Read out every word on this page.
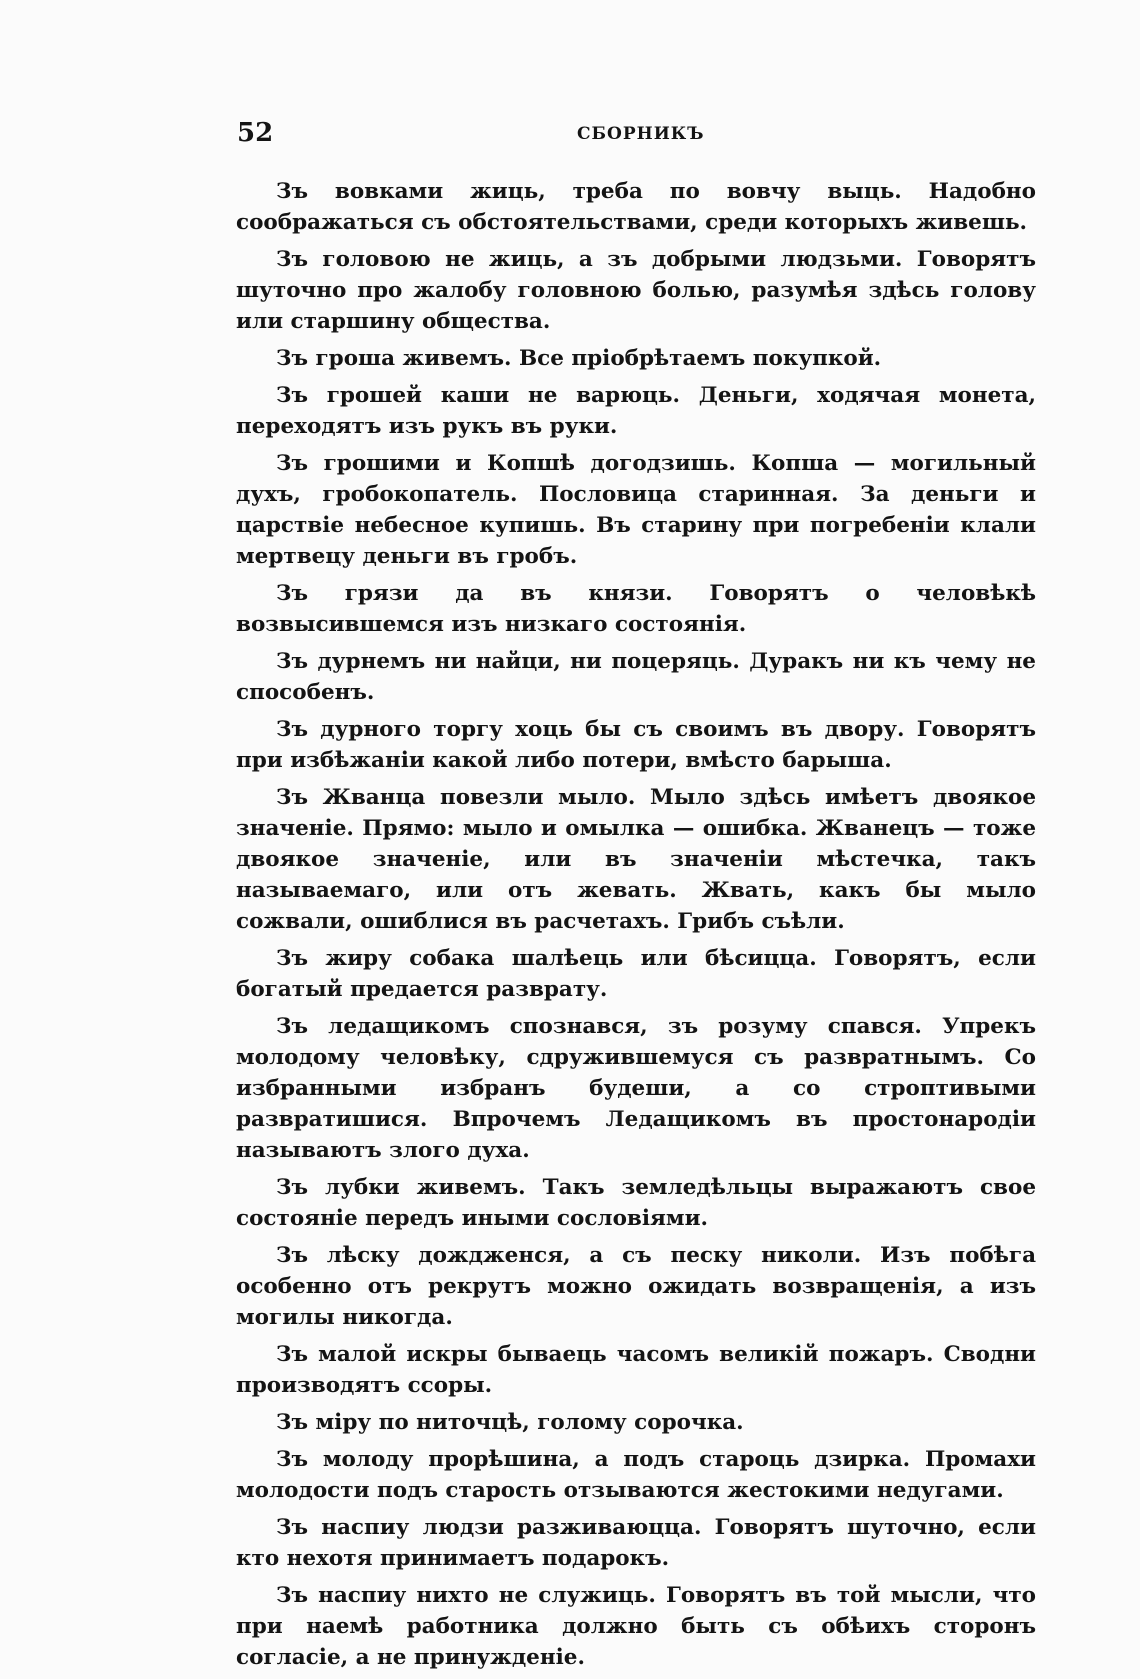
52	СБОРНИКЪ

Зъ вовками жиць, треба по вовчу выць. Надобно соображаться съ обстоятельствами, среди которыхъ живешь.

Зъ головою не жиць, а зъ добрыми людзьми. Говорятъ шуточно про жалобу головною болью, разумѣя здѣсь голову или старшину общества.

Зъ гроша живемъ. Все пріобрѣтаемъ покупкой.

Зъ грошей каши не варюць. Деньги, ходячая монета, переходятъ изъ рукъ въ руки.

Зъ грошими и Копшѣ догодзишь. Копша — могильный духъ, гробокопатель. Пословица старинная. За деньги и царствіе небесное купишь. Въ старину при погребеніи клали мертвецу деньги въ гробъ.

Зъ грязи да въ князи. Говорятъ о человѣкѣ возвысившемся изъ низкаго состоянія.

Зъ дурнемъ ни найци, ни поцеряць. Дуракъ ни къ чему не способенъ.

Зъ дурного торгу хоць бы съ своимъ въ двору. Говорятъ при избѣжаніи какой либо потери, вмѣсто барыша.

Зъ Жванца повезли мыло. Мыло здѣсь имѣетъ двоякое значеніе. Прямо: мыло и омылка — ошибка. Жванецъ — тоже двоякое значеніе, или въ значеніи мѣстечка, такъ называемаго, или отъ жевать. Жвать, какъ бы мыло сожвали, ошиблися въ расчетахъ. Грибъ съѣли.

Зъ жиру собака шалѣець или бѣсицца. Говорятъ, если богатый предается разврату.

Зъ ледащикомъ спознався, зъ розуму спався. Упрекъ молодому человѣку, сдружившемуся съ развратнымъ. Со избранными избранъ будеши, а со строптивыми развратишися. Впрочемъ Ледащикомъ въ простонародіи называютъ злого духа.

Зъ лубки живемъ. Такъ земледѣльцы выражаютъ свое состояніе передъ иными сословіями.

Зъ лѣску дождженся, а съ песку николи. Изъ побѣга особенно отъ рекрутъ можно ожидать возвращенія, а изъ могилы никогда.

Зъ малой искры бываець часомъ великій пожаръ. Сводни производятъ ссоры.

Зъ міру по ниточцѣ, голому сорочка.

Зъ молоду прорѣшина, а подъ староць дзирка. Промахи молодости подъ старость отзываются жестокими недугами.

Зъ наспиу людзи разживаюцца. Говорятъ шуточно, если кто нехотя принимаетъ подарокъ.

Зъ наспиу нихто не служиць. Говорятъ въ той мысли, что при наемѣ работника должно быть съ обѣихъ сторонъ согласіе, а не принужденіе.
